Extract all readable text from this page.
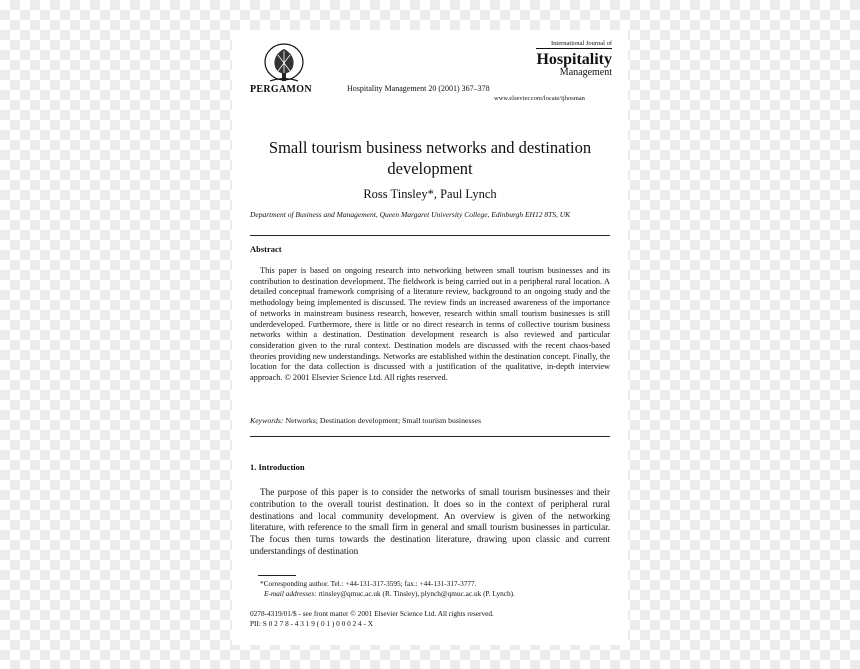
PERGAMON	Hospitality Management 20 (2001) 367–378
International Journal of
Hospitality
Management
www.elsevier.com/locate/ijhosman
Small tourism business networks and destination development
Ross Tinsley*, Paul Lynch
Department of Business and Management, Queen Margaret University College, Edinburgh EH12 8TS, UK
Abstract
This paper is based on ongoing research into networking between small tourism businesses and its contribution to destination development. The fieldwork is being carried out in a peripheral rural location. A detailed conceptual framework comprising of a literature review, background to an ongoing study and the methodology being implemented is discussed. The review finds an increased awareness of the importance of networks in mainstream business research, however, research within small tourism businesses is still underdeveloped. Furthermore, there is little or no direct research in terms of collective tourism business networks within a destination. Destination development research is also reviewed and particular consideration given to the rural context. Destination models are discussed with the recent chaos-based theories providing new understandings. Networks are established within the destination concept. Finally, the location for the data collection is discussed with a justification of the qualitative, in-depth interview approach. © 2001 Elsevier Science Ltd. All rights reserved.
Keywords: Networks; Destination development; Small tourism businesses
1. Introduction
The purpose of this paper is to consider the networks of small tourism businesses and their contribution to the overall tourist destination. It does so in the context of peripheral rural destinations and local community development. An overview is given of the networking literature, with reference to the small firm in general and small tourism businesses in particular. The focus then turns towards the destination literature, drawing upon classic and current understandings of destination
*Corresponding author. Tel.: +44-131-317-3595; fax.: +44-131-317-3777.
E-mail addresses: rtinsley@qmuc.ac.uk (R. Tinsley), plynch@qmuc.ac.uk (P. Lynch).
0278-4319/01/$ - see front matter © 2001 Elsevier Science Ltd. All rights reserved.
PII: S 0 2 7 8 - 4 3 1 9 ( 0 1 ) 0 0 0 2 4 - X
